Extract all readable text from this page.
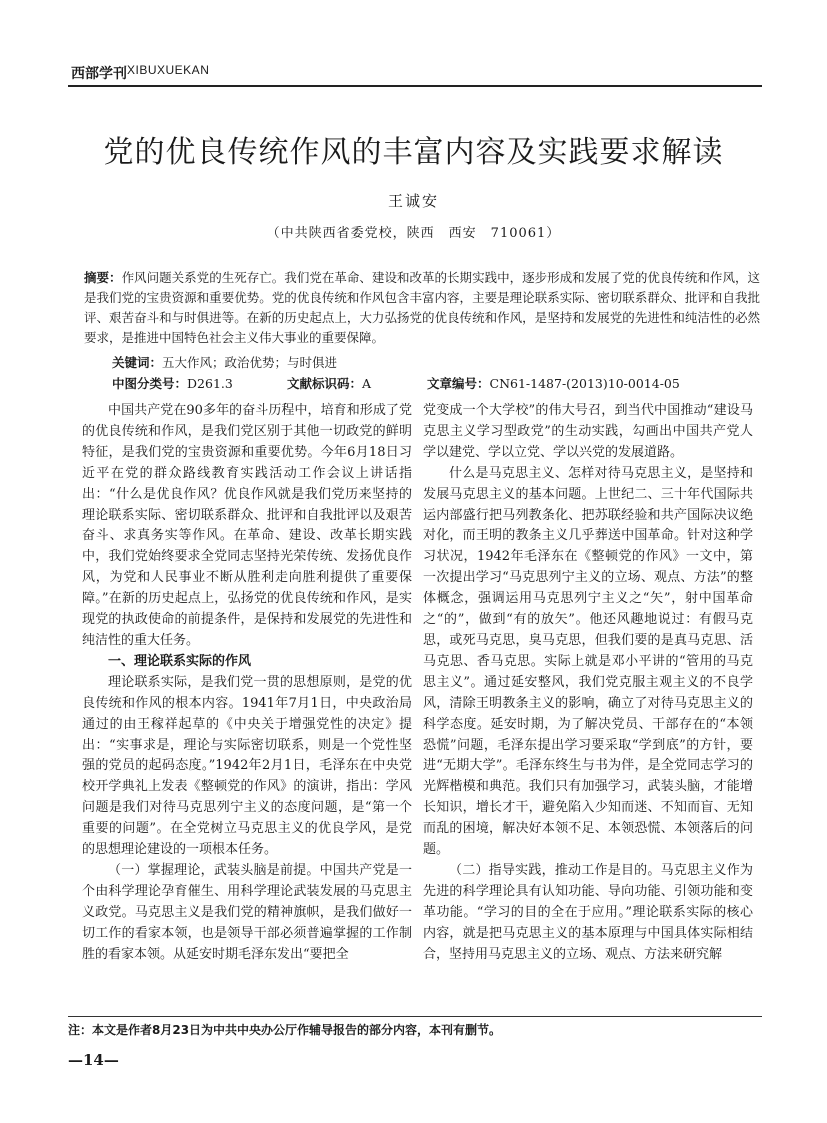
西部学刊 XIBUXUEKAN
党的优良传统作风的丰富内容及实践要求解读
王诚安
（中共陕西省委党校，陕西　西安　710061）
摘要：作风问题关系党的生死存亡。我们党在革命、建设和改革的长期实践中，逐步形成和发展了党的优良传统和作风，这是我们党的宝贵资源和重要优势。党的优良传统和作风包含丰富内容，主要是理论联系实际、密切联系群众、批评和自我批评、艰苦奋斗和与时俱进等。在新的历史起点上，大力弘扬党的优良传统和作风，是坚持和发展党的先进性和纯洁性的必然要求，是推进中国特色社会主义伟大事业的重要保障。
关键词：五大作风；政治优势；与时俱进
中图分类号：D261.3	文献标识码：A	文章编号：CN61-1487-(2013)10-0014-05

中国共产党在90多年的奋斗历程中，培育和形成了党的优良传统和作风，是我们党区别于其他一切政党的鲜明特征，是我们党的宝贵资源和重要优势。今年6月18日习近平在党的群众路线教育实践活动工作会议上讲话指出：“什么是优良作风？优良作风就是我们党历来坚持的理论联系实际、密切联系群众、批评和自我批评以及艰苦奋斗、求真务实等作风。在革命、建设、改革长期实践中，我们党始终要求全党同志坚持光荣传统、发扬优良作风，为党和人民事业不断从胜利走向胜利提供了重要保障。”在新的历史起点上，弘扬党的优良传统和作风，是实现党的执政使命的前提条件，是保持和发展党的先进性和纯洁性的重大任务。

一、理论联系实际的作风

理论联系实际，是我们党一贯的思想原则，是党的优良传统和作风的根本内容。1941年7月1日，中央政治局通过的由王稼祥起草的《中央关于增强党性的决定》提出：“实事求是，理论与实际密切联系，则是一个党性坚强的党员的起码态度。”1942年2月1日，毛泽东在中央党校开学典礼上发表《整顿党的作风》的演讲，指出：学风问题是我们对待马克思列宁主义的态度问题，是“第一个重要的问题”。在全党树立马克思主义的优良学风，是党的思想理论建设的一项根本任务。

（一）掌握理论，武装头脑是前提。中国共产党是一个由科学理论孕育催生、用科学理论武装发展的马克思主义政党。马克思主义是我们党的精神旗帜，是我们做好一切工作的看家本领，也是领导干部必须普遍掌握的工作制胜的看家本领。从延安时期毛泽东发出“要把全

党变成一个大学校”的伟大号召，到当代中国推动“建设马克思主义学习型政党”的生动实践，勾画出中国共产党人学以建党、学以立党、学以兴党的发展道路。

什么是马克思主义、怎样对待马克思主义，是坚持和发展马克思主义的基本问题。上世纪二、三十年代国际共运内部盛行把马列教条化、把苏联经验和共产国际决议绝对化，而王明的教条主义几乎葬送中国革命。针对这种学习状况，1942年毛泽东在《整顿党的作风》一文中，第一次提出学习“马克思列宁主义的立场、观点、方法”的整体概念，强调运用马克思列宁主义之“矢”，射中国革命之“的”，做到“有的放矢”。他还风趣地说过：有假马克思，或死马克思，臭马克思，但我们要的是真马克思、活马克思、香马克思。实际上就是邓小平讲的“管用的马克思主义”。通过延安整风，我们党克服主观主义的不良学风，清除王明教条主义的影响，确立了对待马克思主义的科学态度。延安时期，为了解决党员、干部存在的“本领恐慌”问题，毛泽东提出学习要采取“学到底”的方针，要进“无期大学”。毛泽东终生与书为伴，是全党同志学习的光辉楷模和典范。我们只有加强学习，武装头脑，才能增长知识，增长才干，避免陷入少知而迷、不知而盲、无知而乱的困境，解决好本领不足、本领恐慌、本领落后的问题。

（二）指导实践，推动工作是目的。马克思主义作为先进的科学理论具有认知功能、导向功能、引领功能和变革功能。“学习的目的全在于应用。”理论联系实际的核心内容，就是把马克思主义的基本原理与中国具体实际相结合，坚持用马克思主义的立场、观点、方法来研究解

注：本文是作者8月23日为中共中央办公厅作辅导报告的部分内容，本刊有删节。
—14—
